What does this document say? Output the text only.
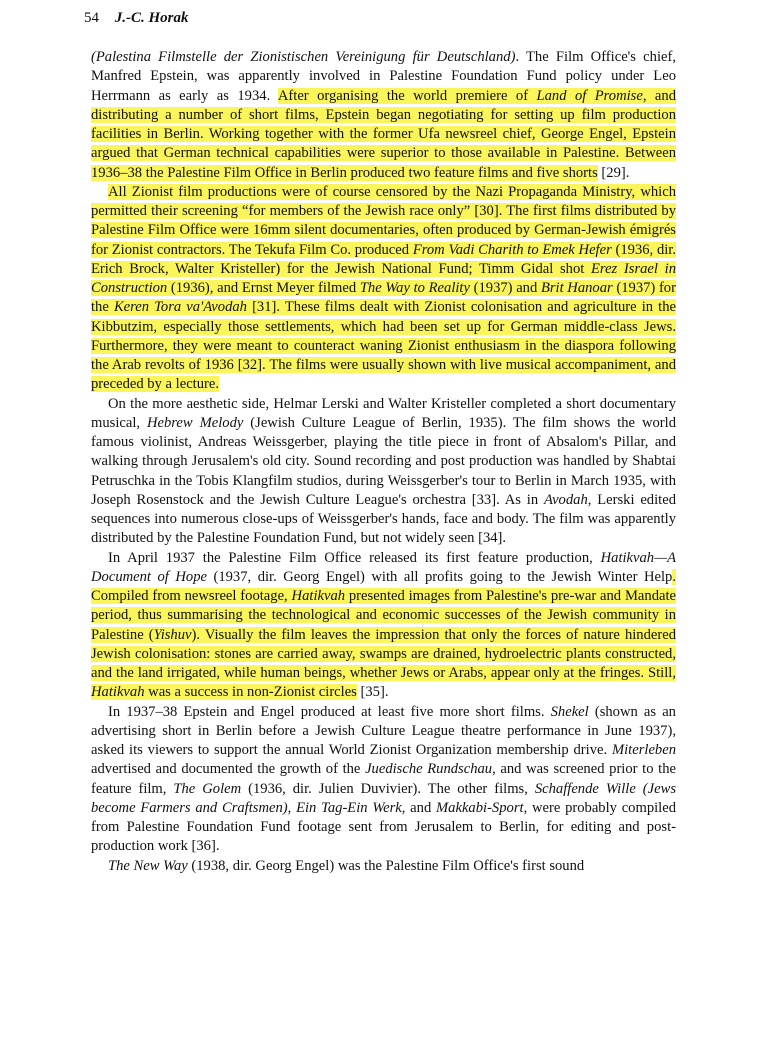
54 J.-C. Horak

(Palestina Filmstelle der Zionistischen Vereinigung für Deutschland). The Film Office's chief, Manfred Epstein, was apparently involved in Palestine Foundation Fund policy under Leo Herrmann as early as 1934. After organising the world premiere of Land of Promise, and distributing a number of short films, Epstein began negotiating for setting up film production facilities in Berlin. Working together with the former Ufa newsreel chief, George Engel, Epstein argued that German technical capabilities were superior to those available in Palestine. Between 1936–38 the Palestine Film Office in Berlin produced two feature films and five shorts [29].

All Zionist film productions were of course censored by the Nazi Propaganda Ministry, which permitted their screening “for members of the Jewish race only” [30]. The first films distributed by Palestine Film Office were 16mm silent documentaries, often produced by German-Jewish émigrés for Zionist contractors. The Tekufa Film Co. produced From Vadi Charith to Emek Hefer (1936, dir. Erich Brock, Walter Kristeller) for the Jewish National Fund; Timm Gidal shot Erez Israel in Construction (1936), and Ernst Meyer filmed The Way to Reality (1937) and Brit Hanoar (1937) for the Keren Tora va'Avodah [31]. These films dealt with Zionist colonisation and agriculture in the Kibbutzim, especially those settlements, which had been set up for German middle-class Jews. Furthermore, they were meant to counteract waning Zionist enthusiasm in the diaspora following the Arab revolts of 1936 [32]. The films were usually shown with live musical accompaniment, and preceded by a lecture.

On the more aesthetic side, Helmar Lerski and Walter Kristeller completed a short documentary musical, Hebrew Melody (Jewish Culture League of Berlin, 1935). The film shows the world famous violinist, Andreas Weissgerber, playing the title piece in front of Absalom's Pillar, and walking through Jerusalem's old city. Sound recording and post production was handled by Shabtai Petruschka in the Tobis Klangfilm studios, during Weissgerber's tour to Berlin in March 1935, with Joseph Rosenstock and the Jewish Culture League's orchestra [33]. As in Avodah, Lerski edited sequences into numerous close-ups of Weissgerber's hands, face and body. The film was apparently distributed by the Palestine Foundation Fund, but not widely seen [34].

In April 1937 the Palestine Film Office released its first feature production, Hatikvah—A Document of Hope (1937, dir. Georg Engel) with all profits going to the Jewish Winter Help. Compiled from newsreel footage, Hatikvah presented images from Palestine's pre-war and Mandate period, thus summarising the technological and economic successes of the Jewish community in Palestine (Yishuv). Visually the film leaves the impression that only the forces of nature hindered Jewish colonisation: stones are carried away, swamps are drained, hydroelectric plants constructed, and the land irrigated, while human beings, whether Jews or Arabs, appear only at the fringes. Still, Hatikvah was a success in non-Zionist circles [35].

In 1937–38 Epstein and Engel produced at least five more short films. Shekel (shown as an advertising short in Berlin before a Jewish Culture League theatre performance in June 1937), asked its viewers to support the annual World Zionist Organization membership drive. Miterleben advertised and documented the growth of the Juedische Rundschau, and was screened prior to the feature film, The Golem (1936, dir. Julien Duvivier). The other films, Schaffende Wille (Jews become Farmers and Craftsmen), Ein Tag-Ein Werk, and Makkabi-Sport, were probably compiled from Palestine Foundation Fund footage sent from Jerusalem to Berlin, for editing and post-production work [36].

The New Way (1938, dir. Georg Engel) was the Palestine Film Office's first sound
